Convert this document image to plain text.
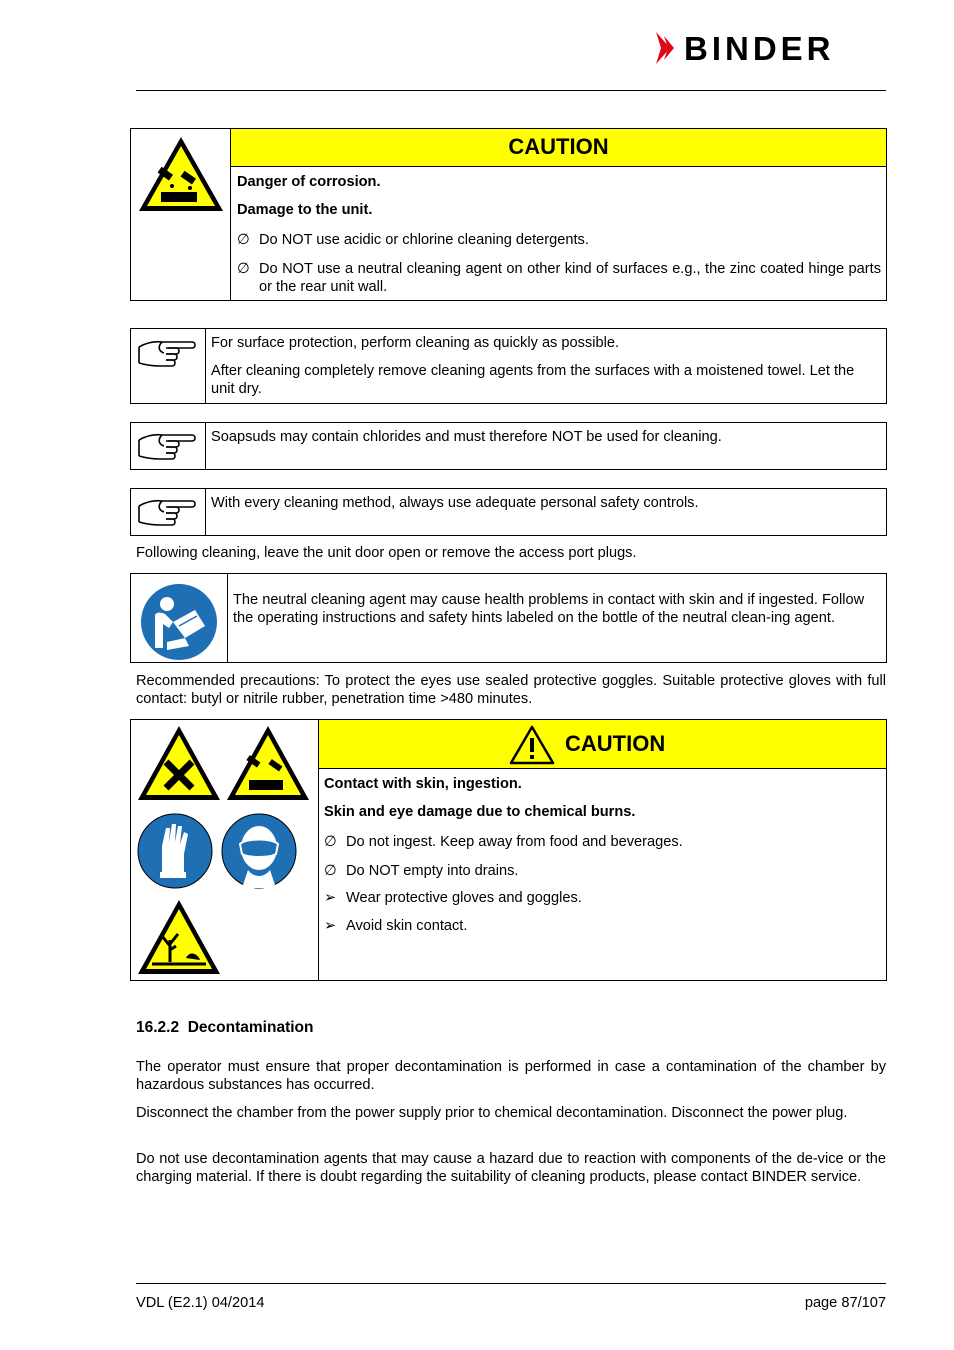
BINDER
CAUTION
Danger of corrosion.
Damage to the unit.
∅ Do NOT use acidic or chlorine cleaning detergents.
∅ Do NOT use a neutral cleaning agent on other kind of surfaces e.g., the zinc coated hinge parts or the rear unit wall.
For surface protection, perform cleaning as quickly as possible.
After cleaning completely remove cleaning agents from the surfaces with a moistened towel. Let the unit dry.
Soapsuds may contain chlorides and must therefore NOT be used for cleaning.
With every cleaning method, always use adequate personal safety controls.
Following cleaning, leave the unit door open or remove the access port plugs.
The neutral cleaning agent may cause health problems in contact with skin and if ingested. Follow the operating instructions and safety hints labeled on the bottle of the neutral clean-ing agent.
Recommended precautions: To protect the eyes use sealed protective goggles. Suitable protective gloves with full contact: butyl or nitrile rubber, penetration time >480 minutes.
CAUTION
Contact with skin, ingestion.
Skin and eye damage due to chemical burns.
∅ Do not ingest. Keep away from food and beverages.
∅ Do NOT empty into drains.
➢ Wear protective gloves and goggles.
➢ Avoid skin contact.
16.2.2 Decontamination
The operator must ensure that proper decontamination is performed in case a contamination of the chamber by hazardous substances has occurred.
Disconnect the chamber from the power supply prior to chemical decontamination. Disconnect the power plug.
Do not use decontamination agents that may cause a hazard due to reaction with components of the de-vice or the charging material. If there is doubt regarding the suitability of cleaning products, please contact BINDER service.
VDL (E2.1) 04/2014	page 87/107
